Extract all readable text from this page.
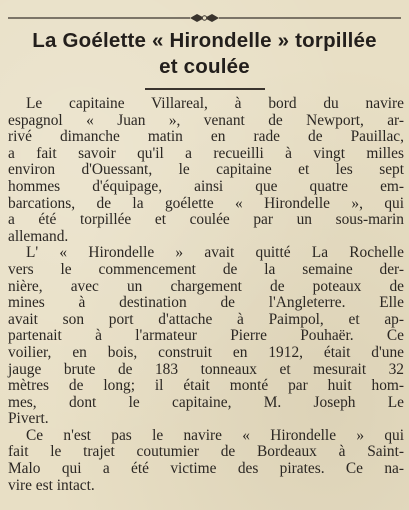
La Goélette « Hirondelle » torpillée
et coulée

Le capitaine Villareal, à bord du navire
espagnol « Juan », venant de Newport, ar-
rivé dimanche matin en rade de Pauillac,
a fait savoir qu'il a recueilli à vingt milles
environ d'Ouessant, le capitaine et les sept
hommes d'équipage, ainsi que quatre em-
barcations, de la goélette « Hirondelle », qui
a été torpillée et coulée par un sous-marin
allemand.

L' « Hirondelle » avait quitté La Rochelle
vers le commencement de la semaine der-
nière, avec un chargement de poteaux de
mines à destination de l'Angleterre. Elle
avait son port d'attache à Paimpol, et ap-
partenait à l'armateur Pierre Pouhaër. Ce
voilier, en bois, construit en 1912, était d'une
jauge brute de 183 tonneaux et mesurait 32
mètres de long; il était monté par huit hom-
mes, dont le capitaine, M. Joseph Le
Pivert.

Ce n'est pas le navire « Hirondelle » qui
fait le trajet coutumier de Bordeaux à Saint-
Malo qui a été victime des pirates. Ce na-
vire est intact.
